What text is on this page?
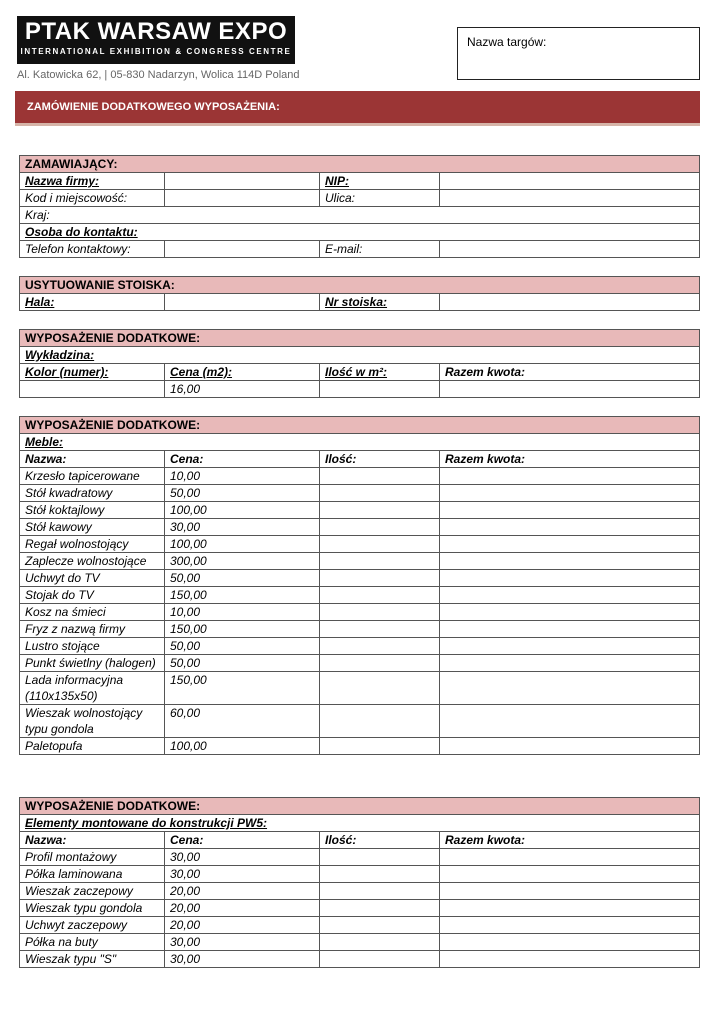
PTAK WARSAW EXPO
INTERNATIONAL EXHIBITION & CONGRESS CENTRE
Al. Katowicka 62, | 05-830 Nadarzyn, Wolica 114D Poland
Nazwa targów:
ZAMÓWIENIE DODATKOWEGO WYPOSAŻENIA:
ZAMAWIAJĄCY:			
Nazwa firmy:		NIP:	
Kod i miejscowość:		Ulica:	
Kraj:			
Osoba do kontaktu:			
Telefon kontaktowy:		E-mail:	
USYTUOWANIE STOISKA:
Hala:		Nr stoiska:	
WYPOSAŻENIE DODATKOWE:			
Wykładzina:			
Kolor (numer):	Cena (m2):	Ilość w m²:	Razem kwota:
	16,00		
WYPOSAŻENIE DODATKOWE:			
Meble:			
Nazwa:	Cena:	Ilość:	Razem kwota:
Krzesło tapicerowane	10,00		
Stół kwadratowy	50,00		
Stół koktajlowy	100,00		
Stół kawowy	30,00		
Regał wolnostojący	100,00		
Zaplecze wolnostojące	300,00		
Uchwyt do TV	50,00		
Stojak do TV	150,00		
Kosz na śmieci	10,00		
Fryz z nazwą firmy	150,00		
Lustro stojące	50,00		
Punkt świetlny (halogen)	50,00		
Lada informacyjna (110x135x50)	150,00		
Wieszak wolnostojący typu gondola	60,00		
Paletopufa	100,00		
WYPOSAŻENIE DODATKOWE:			
Elementy montowane do konstrukcji PW5:			
Nazwa:	Cena:	Ilość:	Razem kwota:
Profil montażowy	30,00		
Półka laminowana	30,00		
Wieszak zaczepowy	20,00		
Wieszak typu gondola	20,00		
Uchwyt zaczepowy	20,00		
Półka na buty	30,00		
Wieszak typu "S"	30,00		
